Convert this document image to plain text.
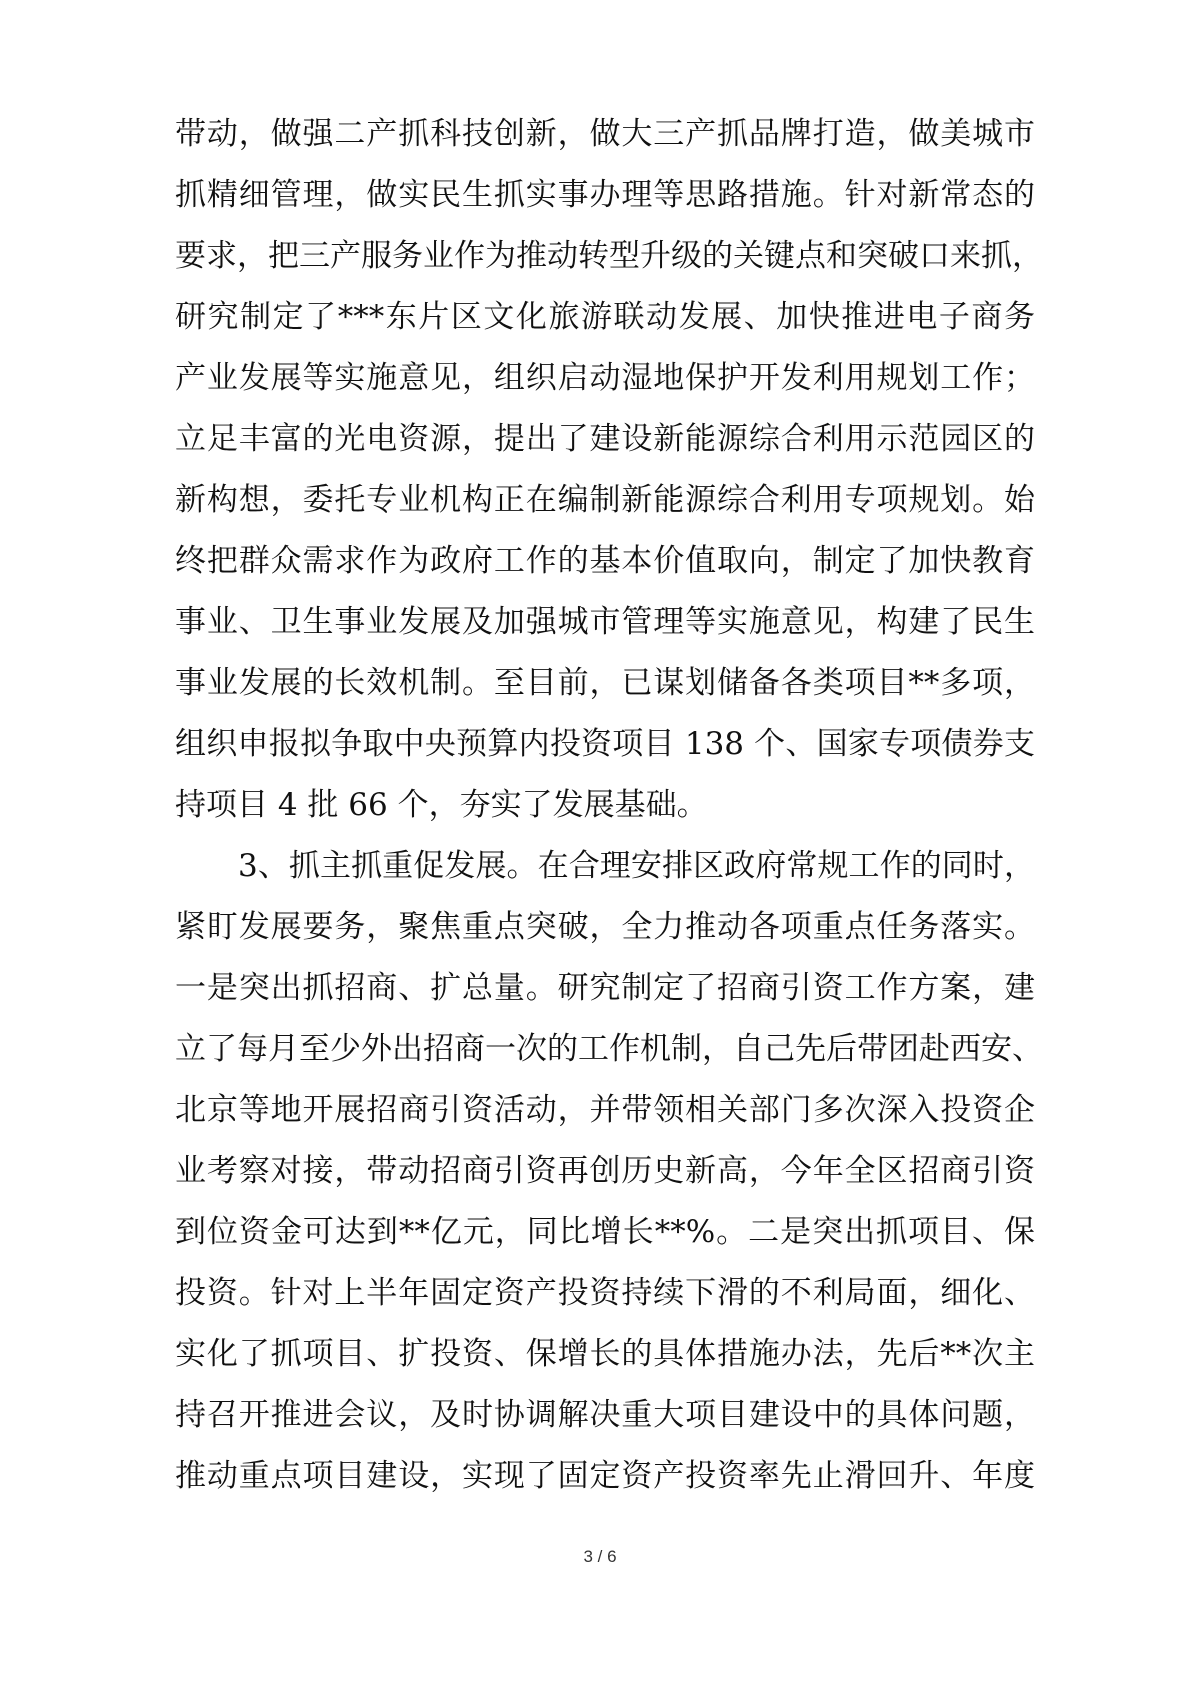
带动，做强二产抓科技创新，做大三产抓品牌打造，做美城市
抓精细管理，做实民生抓实事办理等思路措施。针对新常态的
要求，把三产服务业作为推动转型升级的关键点和突破口来抓，
研究制定了***东片区文化旅游联动发展、加快推进电子商务
产业发展等实施意见，组织启动湿地保护开发利用规划工作；
立足丰富的光电资源，提出了建设新能源综合利用示范园区的
新构想，委托专业机构正在编制新能源综合利用专项规划。始
终把群众需求作为政府工作的基本价值取向，制定了加快教育
事业、卫生事业发展及加强城市管理等实施意见，构建了民生
事业发展的长效机制。至目前，已谋划储备各类项目**多项，
组织申报拟争取中央预算内投资项目 138 个、国家专项债券支
持项目 4 批 66 个，夯实了发展基础。
3、抓主抓重促发展。在合理安排区政府常规工作的同时，
紧盯发展要务，聚焦重点突破，全力推动各项重点任务落实。
一是突出抓招商、扩总量。研究制定了招商引资工作方案，建
立了每月至少外出招商一次的工作机制，自己先后带团赴西安、
北京等地开展招商引资活动，并带领相关部门多次深入投资企
业考察对接，带动招商引资再创历史新高，今年全区招商引资
到位资金可达到**亿元，同比增长**%。二是突出抓项目、保
投资。针对上半年固定资产投资持续下滑的不利局面，细化、
实化了抓项目、扩投资、保增长的具体措施办法，先后**次主
持召开推进会议，及时协调解决重大项目建设中的具体问题，
推动重点项目建设，实现了固定资产投资率先止滑回升、年度
3 / 6
